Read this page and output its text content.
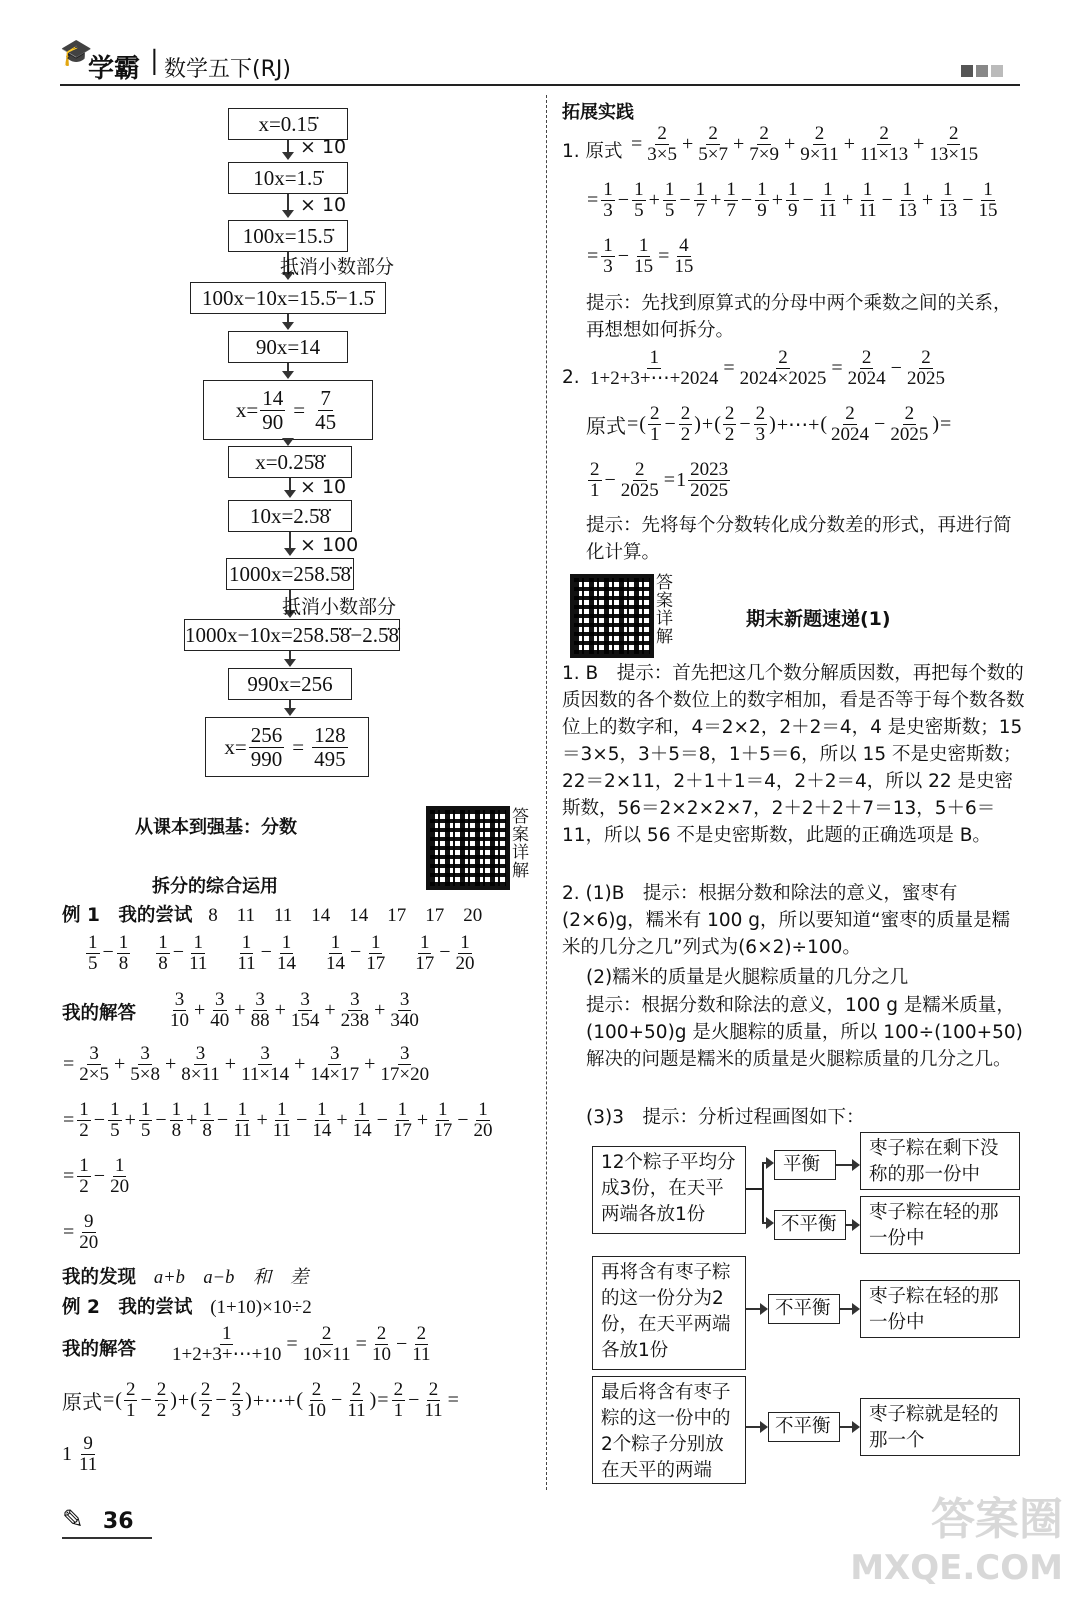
🎓
学霸 | 数学五下(RJ)
x=0.15̇
× 10
10x=1.5̇
× 10
100x=15.5̇
抵消小数部分
100x−10x=15.5̇−1.5̇
90x=14
$x= \frac{14}{90} = \frac{7}{45}$
x=0.25̇8̇
× 10
10x=2.5̇8̇
× 100
1000x=258.5̇8̇
抵消小数部分
1000x−10x=258.5̇8̇−2.5̇8̇
990x=256
$x= \frac{256}{990} = \frac{128}{495}$
从课本到强基：分数	答案详解
拆分的综合运用
例 1　我的尝试 8　11　11　14　14　17　17　20
$\frac{1}{5} - \frac{1}{8} \frac{1}{8} - \frac{1}{11} \frac{1}{11} - \frac{1}{14} \frac{1}{14} - \frac{1}{17} \frac{1}{17} - \frac{1}{20}$
我的解答 $\frac{3}{10} + \frac{3}{40} + \frac{3}{88} + \frac{3}{154} + \frac{3}{238} + \frac{3}{340}$
= $\frac{3}{2\times 5} + \frac{3}{5\times 8} + \frac{3}{8\times 11} + \frac{3}{11\times 14} + \frac{3}{14\times 17} + \frac{3}{17\times 20}$
= $\frac{1}{2} - \frac{1}{5} + \frac{1}{5} - \frac{1}{8} + \frac{1}{8} - \frac{1}{11} + \frac{1}{11} - \frac{1}{14} + \frac{1}{14} - \frac{1}{17} + \frac{1}{17} - \frac{1}{20}$
= $\frac{1}{2} - \frac{1}{20}$
= $\frac{9}{20}$
我的发现 a+b　a−b　和　差
例 2　我的尝试 (1+10)×10÷2
我的解答 $\frac{1}{1+2+3+\cdots+10} = \frac{2}{10\times 11} = \frac{2}{10} - \frac{2}{11}$
原式 = ( $\frac{2}{1} - \frac{2}{2}$ ) + ( $\frac{2}{2} - \frac{2}{3}$ ) +⋯+ ( $\frac{2}{10} - \frac{2}{11}$ ) = $\frac{2}{1} - \frac{2}{11}$ =
$1 \frac{9}{11}$
拓展实践
1. 原式 = $\frac{2}{3\times 5} + \frac{2}{5\times 7} + \frac{2}{7\times 9} + \frac{2}{9\times 11} + \frac{2}{11\times 13} + \frac{2}{13\times 15}$
= $\frac{1}{3} - \frac{1}{5} + \frac{1}{5} - \frac{1}{7} + \frac{1}{7} - \frac{1}{9} + \frac{1}{9} - \frac{1}{11} + \frac{1}{11} - \frac{1}{13} + \frac{1}{13} - \frac{1}{15}$
= $\frac{1}{3} - \frac{1}{15} = \frac{4}{15}$
提示：先找到原算式的分母中两个乘数之间的关系，再想想如何拆分。
2. $\frac{1}{1+2+3+\cdots+2024} = \frac{2}{2024\times 2025} = \frac{2}{2024} - \frac{2}{2025}$
原式 = ( $\frac{2}{1} - \frac{2}{2}$ ) + ( $\frac{2}{2} - \frac{2}{3}$ ) +⋯+ ( $\frac{2}{2024} - \frac{2}{2025}$ ) =
$\frac{2}{1} - \frac{2}{2025} = 1 \frac{2023}{2025}$
提示：先将每个分数转化成分数差的形式，再进行简化计算。
答案详解
期末新题速递(1)
1. B　提示：首先把这几个数分解质因数，再把每个数的质因数的各个数位上的数字相加，看是否等于每个数各数位上的数字和，4＝2×2，2＋2＝4，4 是史密斯数；15＝3×5，3＋5＝8，1＋5＝6，所以 15 不是史密斯数；22＝2×11，2＋1＋1＝4，2＋2＝4，所以 22 是史密斯数，56＝2×2×2×7，2＋2＋2＋7＝13，5＋6＝11，所以 56 不是史密斯数，此题的正确选项是 B。
2. (1)B　提示：根据分数和除法的意义，蜜枣有(2×6)g，糯米有 100 g，所以要知道“蜜枣的质量是糯米的几分之几”列式为(6×2)÷100。
(2)糯米的质量是火腿粽质量的几分之几
提示：根据分数和除法的意义，100 g 是糯米质量，(100+50)g 是火腿粽的质量，所以 100÷(100+50) 解决的问题是糯米的质量是火腿粽质量的几分之几。
(3)3　提示：分析过程画图如下：
12个粽子平均分成3份，在天平两端各放1份
平衡
不平衡
枣子粽在剩下没称的那一份中
枣子粽在轻的那一份中
再将含有枣子粽的这一份分为2份，在天平两端各放1份
不平衡
枣子粽在轻的那一份中
最后将含有枣子粽的这一份中的2个粽子分别放在天平的两端
不平衡
枣子粽就是轻的那一个
✎ 36	答案圈
MXQE.COM
